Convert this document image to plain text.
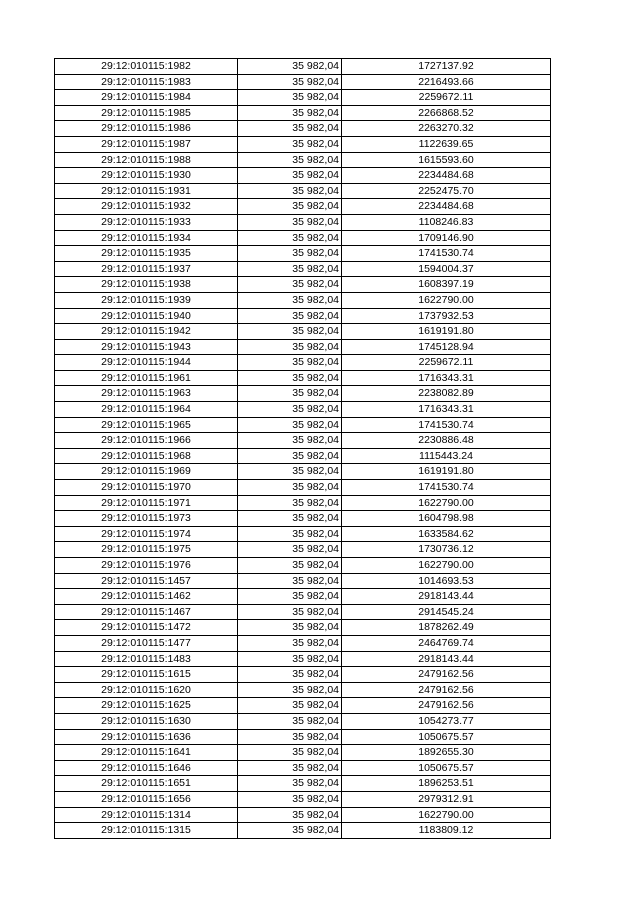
29:12:010115:1982	35 982,04	1727137.92
29:12:010115:1983	35 982,04	2216493.66
29:12:010115:1984	35 982,04	2259672.11
29:12:010115:1985	35 982,04	2266868.52
29:12:010115:1986	35 982,04	2263270.32
29:12:010115:1987	35 982,04	1122639.65
29:12:010115:1988	35 982,04	1615593.60
29:12:010115:1930	35 982,04	2234484.68
29:12:010115:1931	35 982,04	2252475.70
29:12:010115:1932	35 982,04	2234484.68
29:12:010115:1933	35 982,04	1108246.83
29:12:010115:1934	35 982,04	1709146.90
29:12:010115:1935	35 982,04	1741530.74
29:12:010115:1937	35 982,04	1594004.37
29:12:010115:1938	35 982,04	1608397.19
29:12:010115:1939	35 982,04	1622790.00
29:12:010115:1940	35 982,04	1737932.53
29:12:010115:1942	35 982,04	1619191.80
29:12:010115:1943	35 982,04	1745128.94
29:12:010115:1944	35 982,04	2259672.11
29:12:010115:1961	35 982,04	1716343.31
29:12:010115:1963	35 982,04	2238082.89
29:12:010115:1964	35 982,04	1716343.31
29:12:010115:1965	35 982,04	1741530.74
29:12:010115:1966	35 982,04	2230886.48
29:12:010115:1968	35 982,04	1115443.24
29:12:010115:1969	35 982,04	1619191.80
29:12:010115:1970	35 982,04	1741530.74
29:12:010115:1971	35 982,04	1622790.00
29:12:010115:1973	35 982,04	1604798.98
29:12:010115:1974	35 982,04	1633584.62
29:12:010115:1975	35 982,04	1730736.12
29:12:010115:1976	35 982,04	1622790.00
29:12:010115:1457	35 982,04	1014693.53
29:12:010115:1462	35 982,04	2918143.44
29:12:010115:1467	35 982,04	2914545.24
29:12:010115:1472	35 982,04	1878262.49
29:12:010115:1477	35 982,04	2464769.74
29:12:010115:1483	35 982,04	2918143.44
29:12:010115:1615	35 982,04	2479162.56
29:12:010115:1620	35 982,04	2479162.56
29:12:010115:1625	35 982,04	2479162.56
29:12:010115:1630	35 982,04	1054273.77
29:12:010115:1636	35 982,04	1050675.57
29:12:010115:1641	35 982,04	1892655.30
29:12:010115:1646	35 982,04	1050675.57
29:12:010115:1651	35 982,04	1896253.51
29:12:010115:1656	35 982,04	2979312.91
29:12:010115:1314	35 982,04	1622790.00
29:12:010115:1315	35 982,04	1183809.12
